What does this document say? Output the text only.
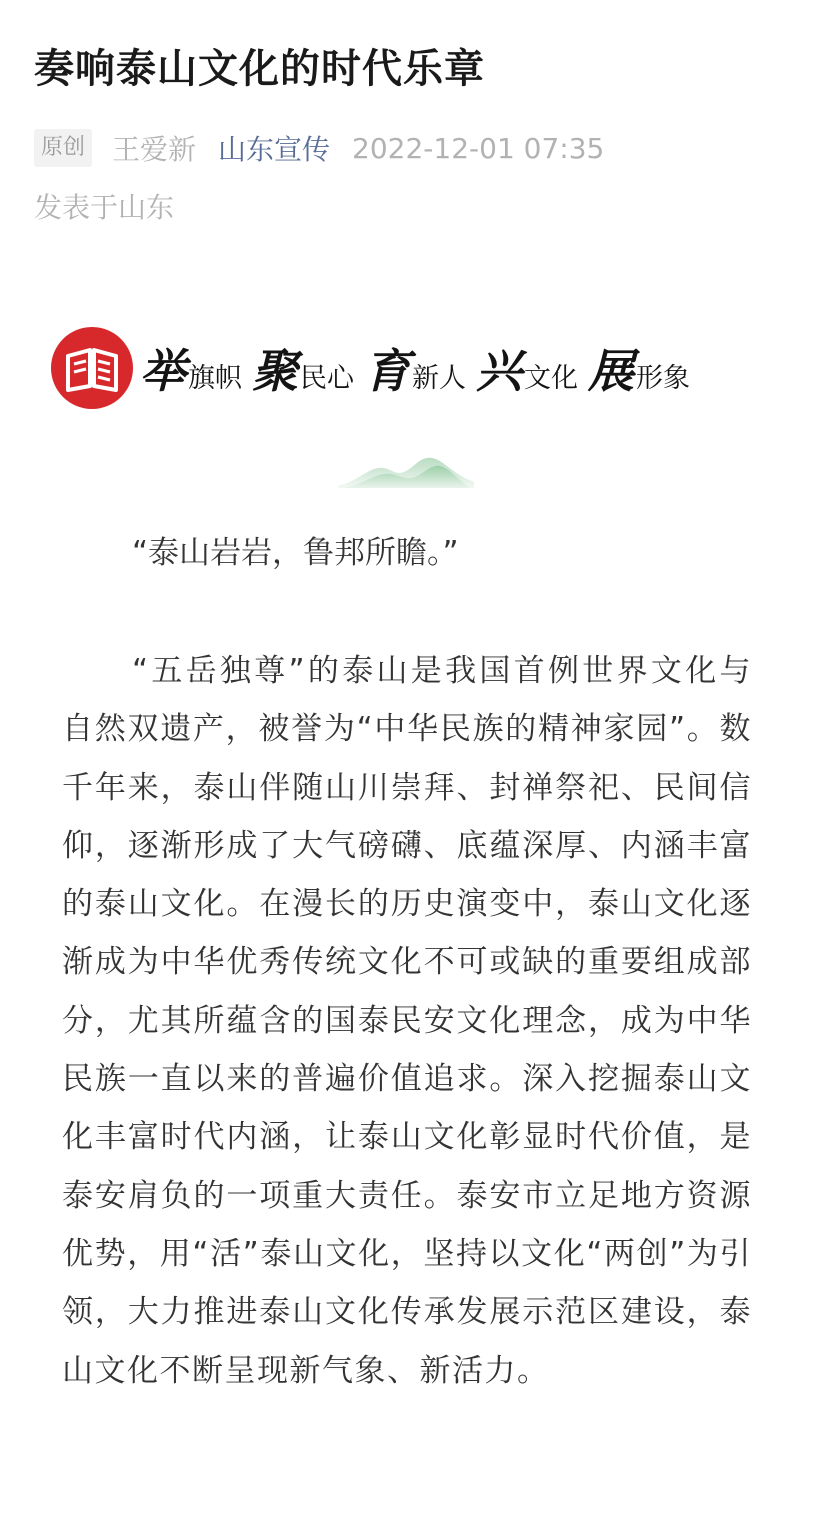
奏响泰山文化的时代乐章
原创 王爱新 山东宣传 2022-12-01 07:35
发表于山东
举 旗帜 聚 民心 育 新人 兴 文化 展 形象

“泰山岩岩，鲁邦所瞻。”

“五岳独尊”的泰山是我国首例世界文化与自然双遗产，被誉为“中华民族的精神家园”。数千年来，泰山伴随山川崇拜、封禅祭祀、民间信仰，逐渐形成了大气磅礴、底蕴深厚、内涵丰富的泰山文化。在漫长的历史演变中，泰山文化逐渐成为中华优秀传统文化不可或缺的重要组成部分，尤其所蕴含的国泰民安文化理念，成为中华民族一直以来的普遍价值追求。深入挖掘泰山文化丰富时代内涵，让泰山文化彰显时代价值，是泰安肩负的一项重大责任。泰安市立足地方资源优势，用“活”泰山文化，坚持以文化“两创”为引领，大力推进泰山文化传承发展示范区建设，泰山文化不断呈现新气象、新活力。
